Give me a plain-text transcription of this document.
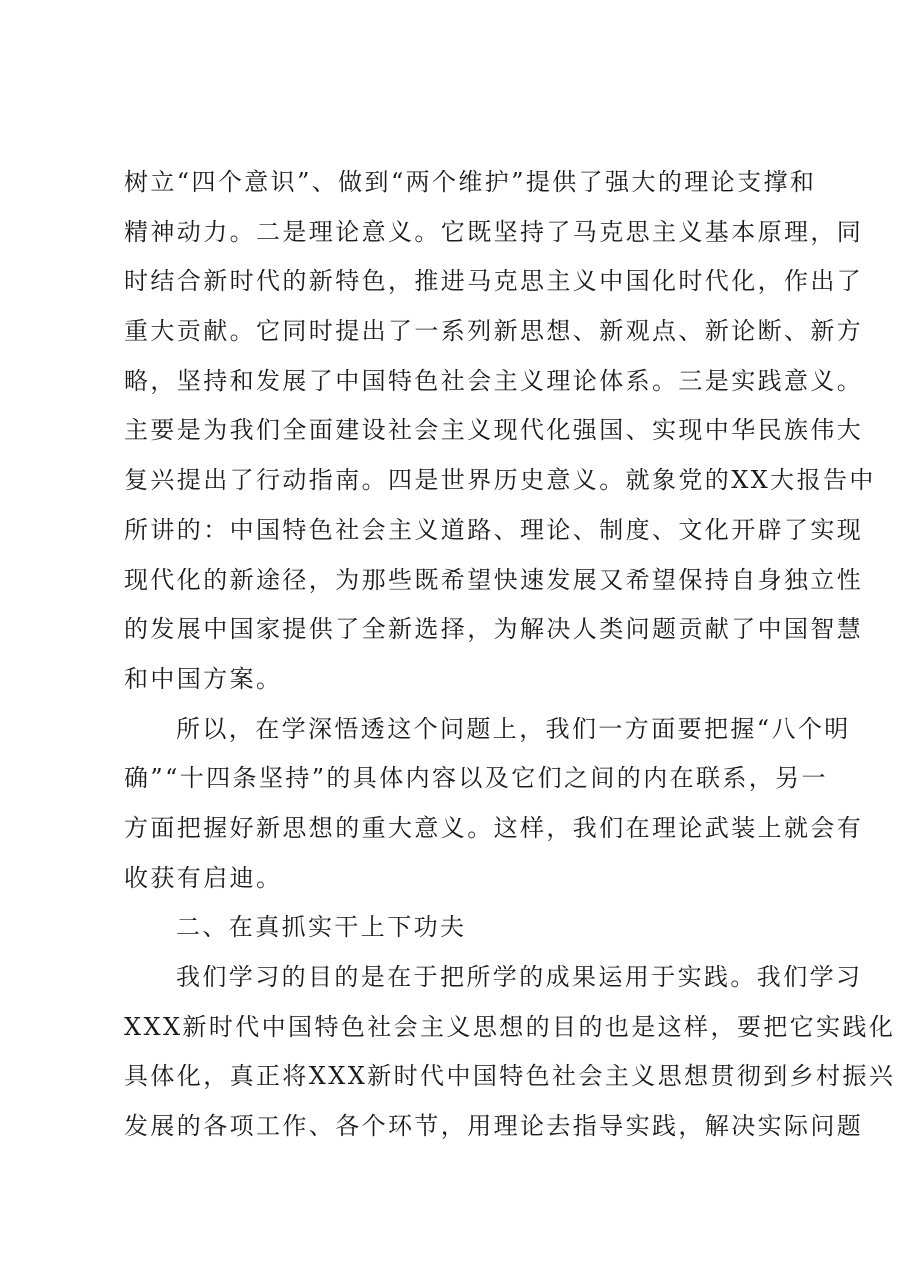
树立“四个意识”、做到“两个维护”提供了强大的理论支撑和
精神动力。二是理论意义。它既坚持了马克思主义基本原理，同
时结合新时代的新特色，推进马克思主义中国化时代化，作出了
重大贡献。它同时提出了一系列新思想、新观点、新论断、新方
略，坚持和发展了中国特色社会主义理论体系。三是实践意义。
主要是为我们全面建设社会主义现代化强国、实现中华民族伟大
复兴提出了行动指南。四是世界历史意义。就象党的XX大报告中
所讲的：中国特色社会主义道路、理论、制度、文化开辟了实现
现代化的新途径，为那些既希望快速发展又希望保持自身独立性
的发展中国家提供了全新选择，为解决人类问题贡献了中国智慧
和中国方案。
所以，在学深悟透这个问题上，我们一方面要把握“八个明
确”“十四条坚持”的具体内容以及它们之间的内在联系，另一
方面把握好新思想的重大意义。这样，我们在理论武装上就会有
收获有启迪。
二、在真抓实干上下功夫
我们学习的目的是在于把所学的成果运用于实践。我们学习
XXX新时代中国特色社会主义思想的目的也是这样，要把它实践化
具体化，真正将XXX新时代中国特色社会主义思想贯彻到乡村振兴
发展的各项工作、各个环节，用理论去指导实践，解决实际问题
